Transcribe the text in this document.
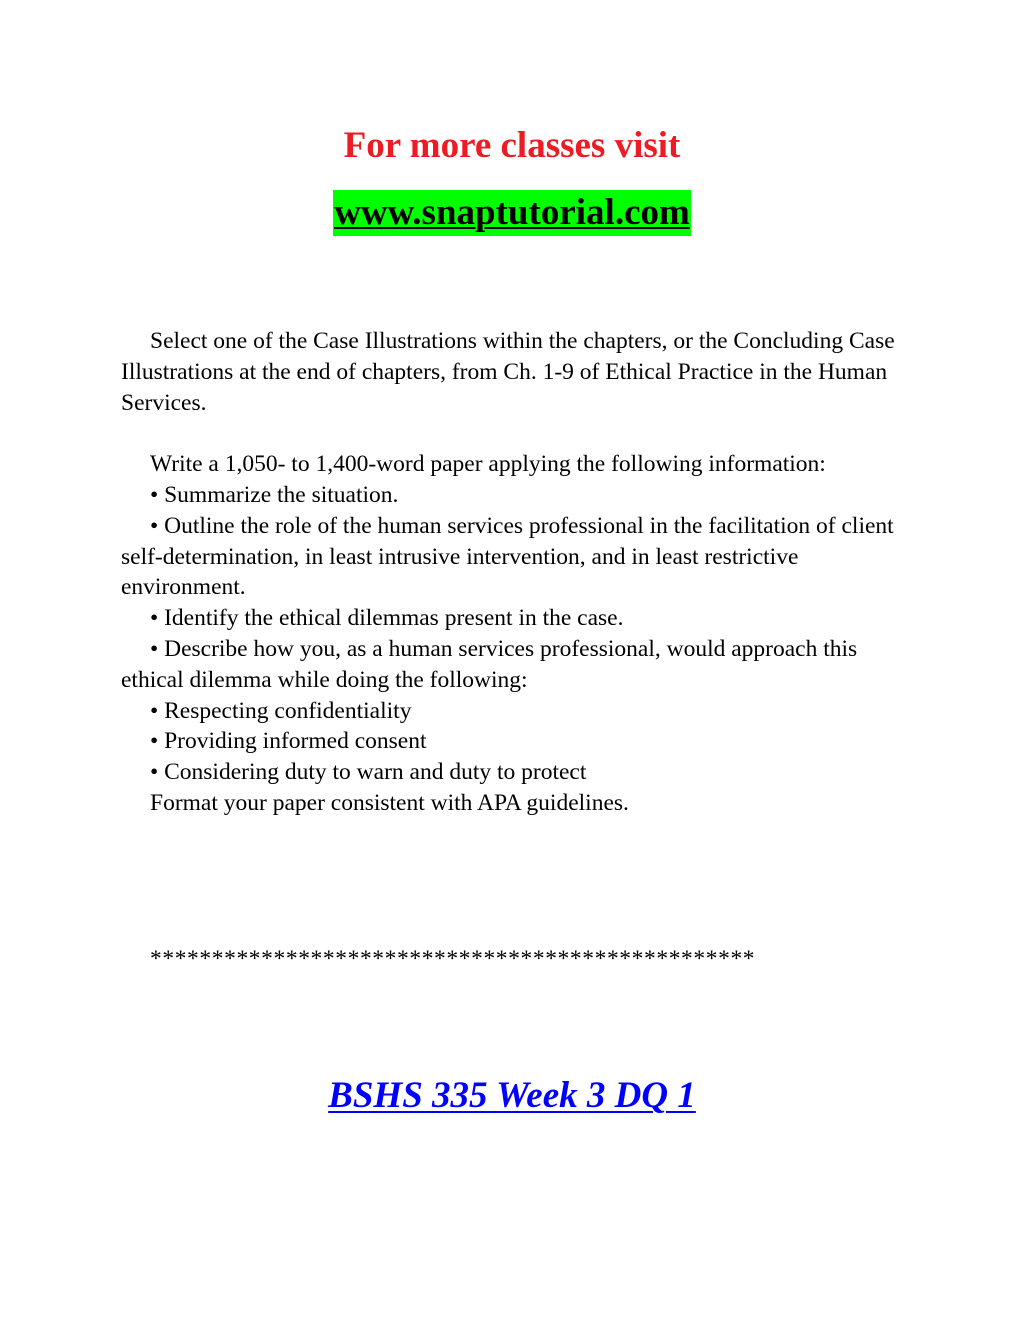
For more classes visit
www.snaptutorial.com

Select one of the Case Illustrations within the chapters, or the Concluding Case Illustrations at the end of chapters, from Ch. 1-9 of Ethical Practice in the Human Services.

Write a 1,050- to 1,400-word paper applying the following information:

• Summarize the situation.

• Outline the role of the human services professional in the facilitation of client self-determination, in least intrusive intervention, and in least restrictive environment.

• Identify the ethical dilemmas present in the case.

• Describe how you, as a human services professional, would approach this ethical dilemma while doing the following:

• Respecting confidentiality

• Providing informed consent

• Considering duty to warn and duty to protect

Format your paper consistent with APA guidelines.

*************************************************
BSHS 335 Week 3 DQ 1
